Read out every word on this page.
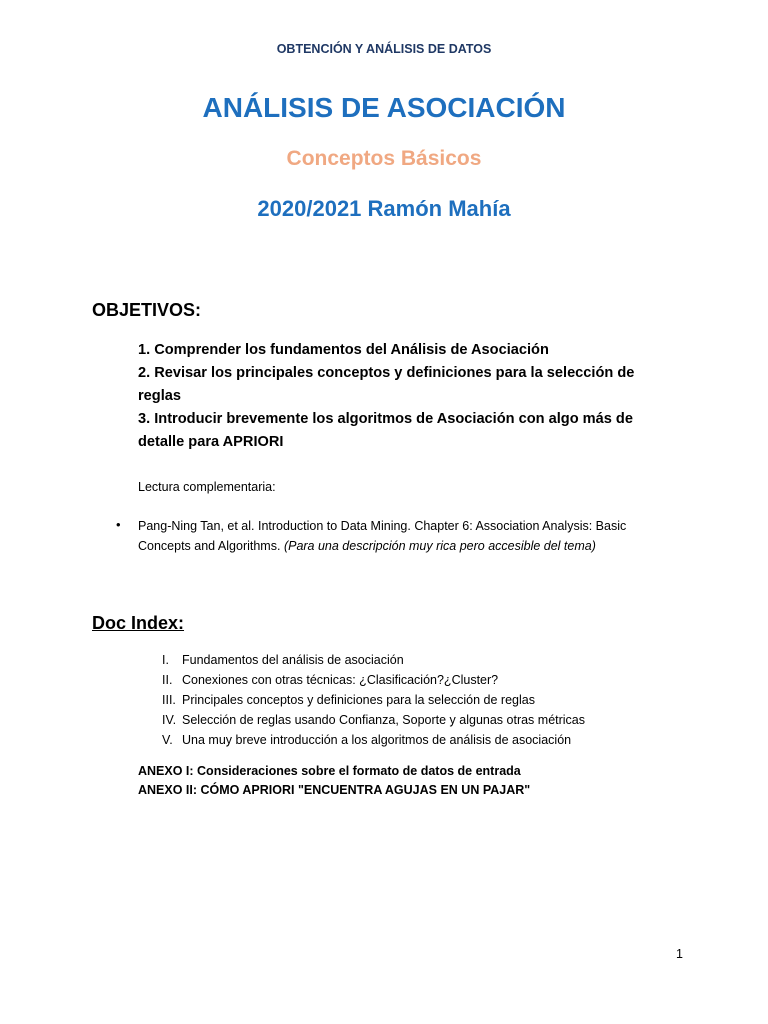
OBTENCIÓN Y ANÁLISIS DE DATOS
ANÁLISIS DE ASOCIACIÓN
Conceptos Básicos
2020/2021 Ramón Mahía
OBJETIVOS:
1. Comprender los fundamentos del Análisis de Asociación
2. Revisar los principales conceptos y definiciones para la selección de reglas
3. Introducir brevemente los algoritmos de Asociación con algo más de detalle para APRIORI
Lectura complementaria:
• Pang-Ning Tan, et al. Introduction to Data Mining. Chapter 6: Association Analysis: Basic Concepts and Algorithms. (Para una descripción muy rica pero accesible del tema)
Doc Index:
I.	Fundamentos del análisis de asociación
II. Conexiones con otras técnicas: ¿Clasificación?¿Cluster?
III. Principales conceptos y definiciones para la selección de reglas
IV. Selección de reglas usando Confianza, Soporte y algunas otras métricas
V. Una muy breve introducción a los algoritmos de análisis de asociación
ANEXO I: Consideraciones sobre el formato de datos de entrada
ANEXO II: CÓMO APRIORI "ENCUENTRA AGUJAS EN UN PAJAR"
1
